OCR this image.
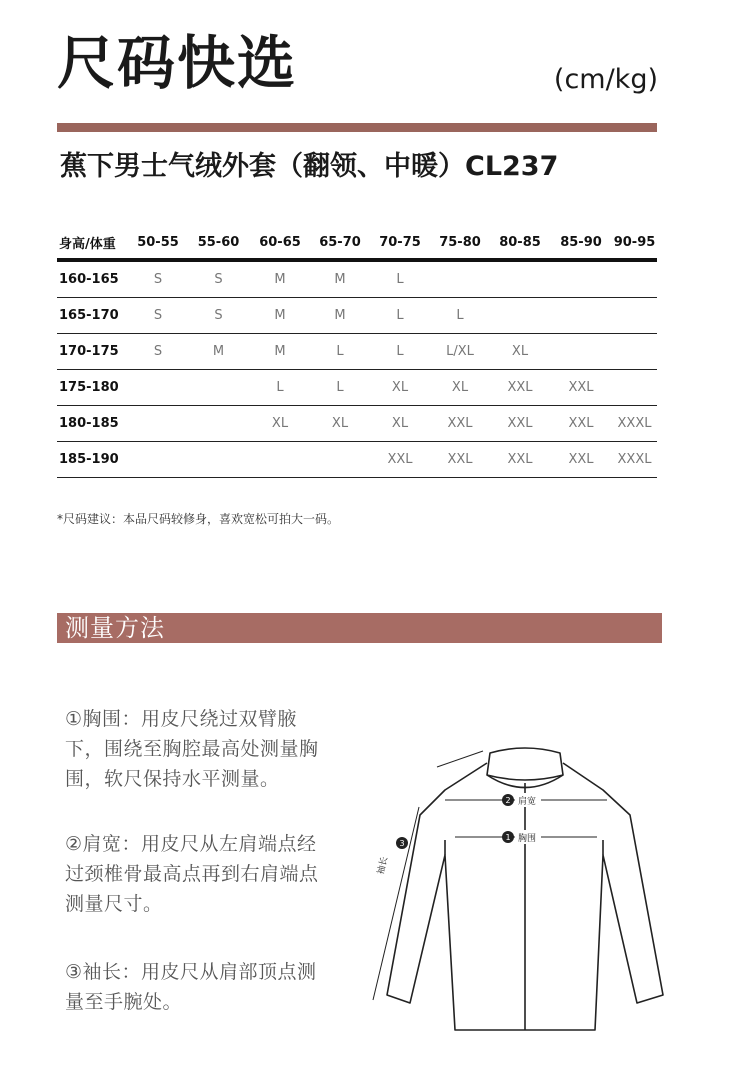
尺码快选	(cm/kg)
蕉下男士气绒外套（翻领、中暖）CL237
身高/体重	50-55	55-60	60-65	65-70	70-75	75-80	80-85	85-90	90-95
160-165	S	S	M	M	L				
165-170	S	S	M	M	L	L			
170-175	S	M	M	L	L	L/XL	XL		
175-180			L	L	XL	XL	XXL	XXL	
180-185			XL	XL	XL	XXL	XXL	XXL	XXXL
185-190					XXL	XXL	XXL	XXL	XXXL
*尺码建议：本品尺码较修身，喜欢宽松可拍大一码。
测量方法
①胸围：用皮尺绕过双臂腋下，围绕至胸腔最高处测量胸围，软尺保持水平测量。
②肩宽：用皮尺从左肩端点经过颈椎骨最高点再到右肩端点测量尺寸。
③袖长：用皮尺从肩部顶点测量至手腕处。
2 肩宽
1 胸围
3
袖长
